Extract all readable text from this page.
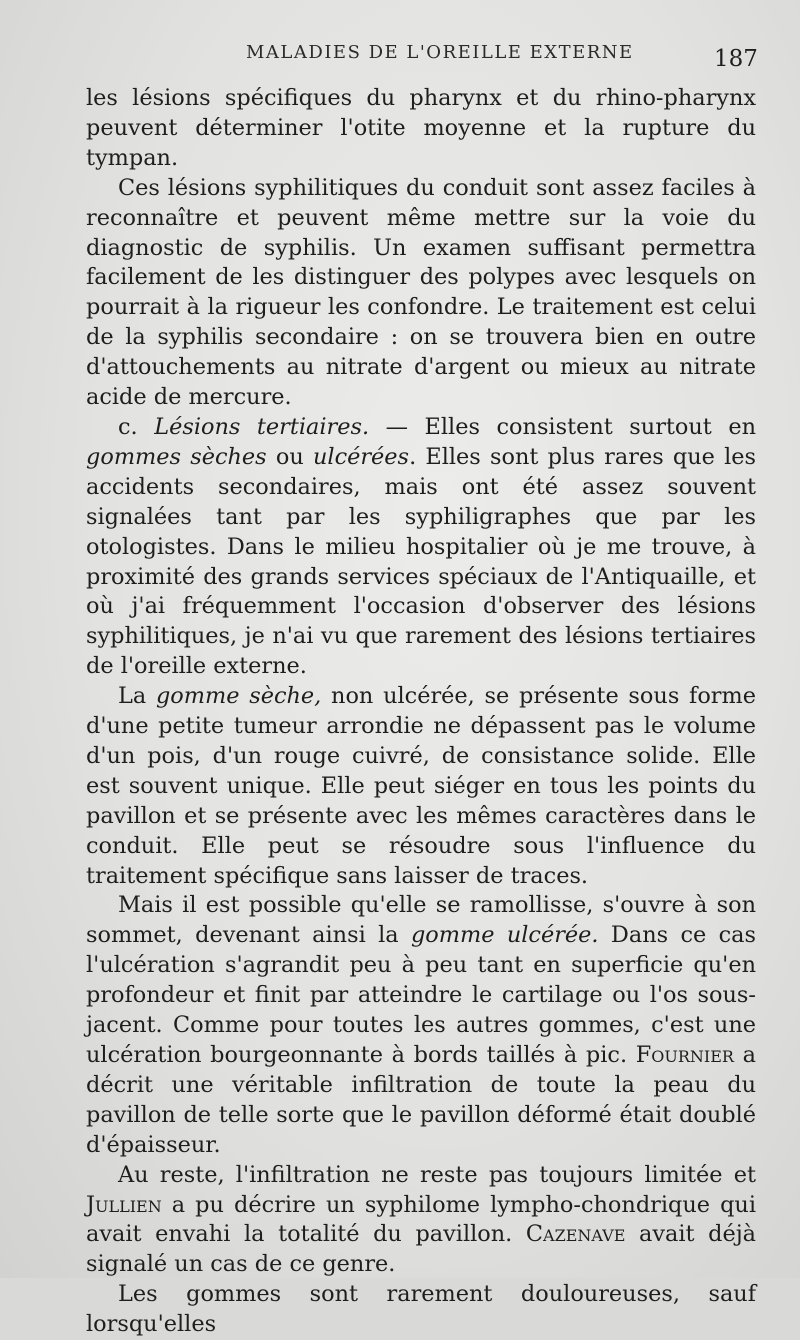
MALADIES DE L'OREILLE EXTERNE	187

les lésions spécifiques du pharynx et du rhino-pharynx peuvent déterminer l'otite moyenne et la rupture du tympan.

Ces lésions syphilitiques du conduit sont assez faciles à reconnaître et peuvent même mettre sur la voie du diagnostic de syphilis. Un examen suffisant permettra facilement de les distinguer des polypes avec lesquels on pourrait à la rigueur les confondre. Le traitement est celui de la syphilis secondaire : on se trouvera bien en outre d'attouchements au nitrate d'argent ou mieux au nitrate acide de mercure.

c. Lésions tertiaires. — Elles consistent surtout en gommes sèches ou ulcérées. Elles sont plus rares que les accidents secondaires, mais ont été assez souvent signalées tant par les syphiligraphes que par les otologistes. Dans le milieu hospitalier où je me trouve, à proximité des grands services spéciaux de l'Antiquaille, et où j'ai fréquemment l'occasion d'observer des lésions syphilitiques, je n'ai vu que rarement des lésions tertiaires de l'oreille externe.

La gomme sèche, non ulcérée, se présente sous forme d'une petite tumeur arrondie ne dépassent pas le volume d'un pois, d'un rouge cuivré, de consistance solide. Elle est souvent unique. Elle peut siéger en tous les points du pavillon et se présente avec les mêmes caractères dans le conduit. Elle peut se résoudre sous l'influence du traitement spécifique sans laisser de traces.

Mais il est possible qu'elle se ramollisse, s'ouvre à son sommet, devenant ainsi la gomme ulcérée. Dans ce cas l'ulcération s'agrandit peu à peu tant en superficie qu'en profondeur et finit par atteindre le cartilage ou l'os sous-jacent. Comme pour toutes les autres gommes, c'est une ulcération bourgeonnante à bords taillés à pic. Fournier a décrit une véritable infiltration de toute la peau du pavillon de telle sorte que le pavillon déformé était doublé d'épaisseur.

Au reste, l'infiltration ne reste pas toujours limitée et Jullien a pu décrire un syphilome lympho-chondrique qui avait envahi la totalité du pavillon. Cazenave avait déjà signalé un cas de ce genre.

Les gommes sont rarement douloureuses, sauf lorsqu'elles
